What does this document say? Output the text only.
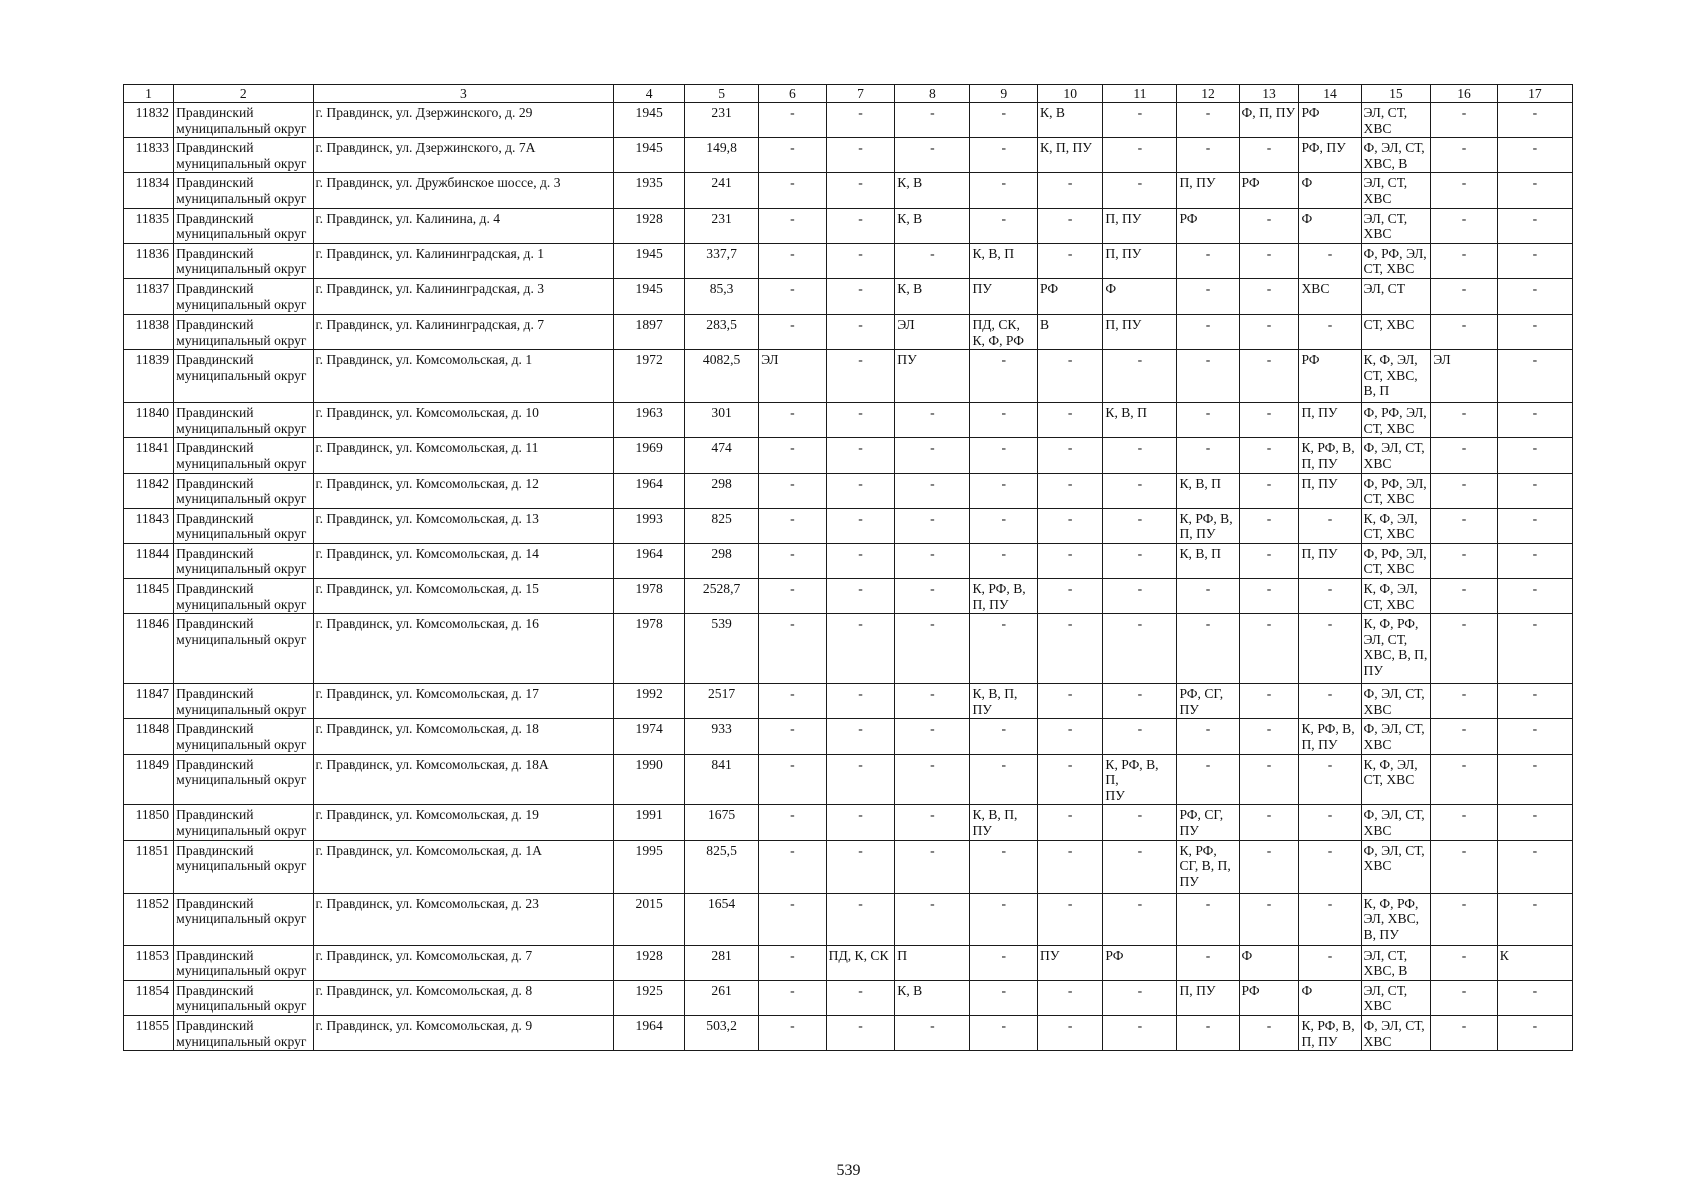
1	2	3	4	5	6	7	8	9	10	11	12	13	14	15	16	17
11832	Правдинский
муниципальный округ	г. Правдинск, ул. Дзержинского, д. 29	1945	231	-	-	-	-	К, В	-	-	Ф, П, ПУ	РФ	ЭЛ, СТ,
ХВС	-	-
11833	Правдинский
муниципальный округ	г. Правдинск, ул. Дзержинского, д. 7А	1945	149,8	-	-	-	-	К, П, ПУ	-	-	-	РФ, ПУ	Ф, ЭЛ, СТ,
ХВС, В	-	-
11834	Правдинский
муниципальный округ	г. Правдинск, ул. Дружбинское шоссе, д. 3	1935	241	-	-	К, В	-	-	-	П, ПУ	РФ	Ф	ЭЛ, СТ,
ХВС	-	-
11835	Правдинский
муниципальный округ	г. Правдинск, ул. Калинина, д. 4	1928	231	-	-	К, В	-	-	П, ПУ	РФ	-	Ф	ЭЛ, СТ,
ХВС	-	-
11836	Правдинский
муниципальный округ	г. Правдинск, ул. Калининградская, д. 1	1945	337,7	-	-	-	К, В, П	-	П, ПУ	-	-	-	Ф, РФ, ЭЛ,
СТ, ХВС	-	-
11837	Правдинский
муниципальный округ	г. Правдинск, ул. Калининградская, д. 3	1945	85,3	-	-	К, В	ПУ	РФ	Ф	-	-	ХВС	ЭЛ, СТ	-	-
11838	Правдинский
муниципальный округ	г. Правдинск, ул. Калининградская, д. 7	1897	283,5	-	-	ЭЛ	ПД, СК,
К, Ф, РФ	В	П, ПУ	-	-	-	СТ, ХВС	-	-
11839	Правдинский
муниципальный округ	г. Правдинск, ул. Комсомольская, д. 1	1972	4082,5	ЭЛ	-	ПУ	-	-	-	-	-	РФ	К, Ф, ЭЛ,
СТ, ХВС,
В, П	ЭЛ	-
11840	Правдинский
муниципальный округ	г. Правдинск, ул. Комсомольская, д. 10	1963	301	-	-	-	-	-	К, В, П	-	-	П, ПУ	Ф, РФ, ЭЛ,
СТ, ХВС	-	-
11841	Правдинский
муниципальный округ	г. Правдинск, ул. Комсомольская, д. 11	1969	474	-	-	-	-	-	-	-	-	К, РФ, В,
П, ПУ	Ф, ЭЛ, СТ,
ХВС	-	-
11842	Правдинский
муниципальный округ	г. Правдинск, ул. Комсомольская, д. 12	1964	298	-	-	-	-	-	-	К, В, П	-	П, ПУ	Ф, РФ, ЭЛ,
СТ, ХВС	-	-
11843	Правдинский
муниципальный округ	г. Правдинск, ул. Комсомольская, д. 13	1993	825	-	-	-	-	-	-	К, РФ, В,
П, ПУ	-	-	К, Ф, ЭЛ,
СТ, ХВС	-	-
11844	Правдинский
муниципальный округ	г. Правдинск, ул. Комсомольская, д. 14	1964	298	-	-	-	-	-	-	К, В, П	-	П, ПУ	Ф, РФ, ЭЛ,
СТ, ХВС	-	-
11845	Правдинский
муниципальный округ	г. Правдинск, ул. Комсомольская, д. 15	1978	2528,7	-	-	-	К, РФ, В,
П, ПУ	-	-	-	-	-	К, Ф, ЭЛ,
СТ, ХВС	-	-
11846	Правдинский
муниципальный округ	г. Правдинск, ул. Комсомольская, д. 16	1978	539	-	-	-	-	-	-	-	-	-	К, Ф, РФ,
ЭЛ, СТ,
ХВС, В, П,
ПУ	-	-
11847	Правдинский
муниципальный округ	г. Правдинск, ул. Комсомольская, д. 17	1992	2517	-	-	-	К, В, П,
ПУ	-	-	РФ, СГ,
ПУ	-	-	Ф, ЭЛ, СТ,
ХВС	-	-
11848	Правдинский
муниципальный округ	г. Правдинск, ул. Комсомольская, д. 18	1974	933	-	-	-	-	-	-	-	-	К, РФ, В,
П, ПУ	Ф, ЭЛ, СТ,
ХВС	-	-
11849	Правдинский
муниципальный округ	г. Правдинск, ул. Комсомольская, д. 18А	1990	841	-	-	-	-	-	К, РФ, В, П,
ПУ	-	-	-	К, Ф, ЭЛ,
СТ, ХВС	-	-
11850	Правдинский
муниципальный округ	г. Правдинск, ул. Комсомольская, д. 19	1991	1675	-	-	-	К, В, П,
ПУ	-	-	РФ, СГ,
ПУ	-	-	Ф, ЭЛ, СТ,
ХВС	-	-
11851	Правдинский
муниципальный округ	г. Правдинск, ул. Комсомольская, д. 1А	1995	825,5	-	-	-	-	-	-	К, РФ,
СГ, В, П,
ПУ	-	-	Ф, ЭЛ, СТ,
ХВС	-	-
11852	Правдинский
муниципальный округ	г. Правдинск, ул. Комсомольская, д. 23	2015	1654	-	-	-	-	-	-	-	-	-	К, Ф, РФ,
ЭЛ, ХВС,
В, ПУ	-	-
11853	Правдинский
муниципальный округ	г. Правдинск, ул. Комсомольская, д. 7	1928	281	-	ПД, К, СК	П	-	ПУ	РФ	-	Ф	-	ЭЛ, СТ,
ХВС, В	-	К
11854	Правдинский
муниципальный округ	г. Правдинск, ул. Комсомольская, д. 8	1925	261	-	-	К, В	-	-	-	П, ПУ	РФ	Ф	ЭЛ, СТ,
ХВС	-	-
11855	Правдинский
муниципальный округ	г. Правдинск, ул. Комсомольская, д. 9	1964	503,2	-	-	-	-	-	-	-	-	К, РФ, В,
П, ПУ	Ф, ЭЛ, СТ,
ХВС	-	-
539
